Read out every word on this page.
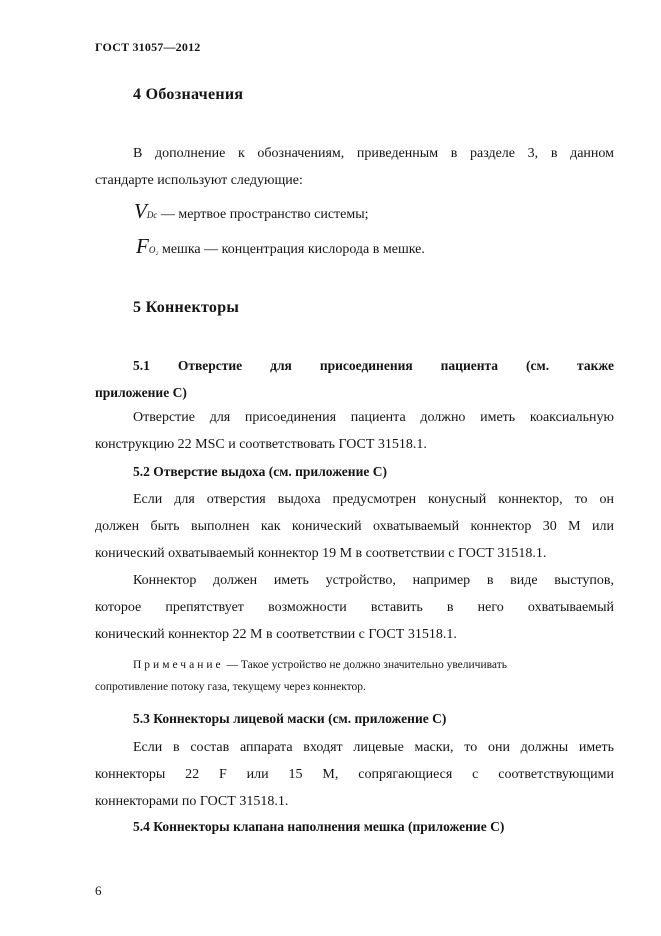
ГОСТ 31057—2012
4 Обозначения
В дополнение к обозначениям, приведенным в разделе 3, в данном
стандарте используют следующие:
VDc — мертвое пространство системы;
FO₂ мешка — концентрация кислорода в мешке.
5 Коннекторы
5.1 Отверстие для присоединения пациента (см. также
приложение С)
Отверстие для присоединения пациента должно иметь коаксиальную
конструкцию 22 MSC и соответствовать ГОСТ 31518.1.
5.2 Отверстие выдоха (см. приложение С)
Если для отверстия выдоха предусмотрен конусный коннектор, то он
должен быть выполнен как конический охватываемый коннектор 30 М или
конический охватываемый коннектор 19 М в соответствии с ГОСТ 31518.1.
Коннектор должен иметь устройство, например в виде выступов,
которое препятствует возможности вставить в него охватываемый
конический коннектор 22 М в соответствии с ГОСТ 31518.1.
Примечание — Такое устройство не должно значительно увеличивать
сопротивление потоку газа, текущему через коннектор.
5.3 Коннекторы лицевой маски (см. приложение С)
Если в состав аппарата входят лицевые маски, то они должны иметь
коннекторы 22 F или 15 М, сопрягающиеся с соответствующими
коннекторами по ГОСТ 31518.1.
5.4 Коннекторы клапана наполнения мешка (приложение С)
6
